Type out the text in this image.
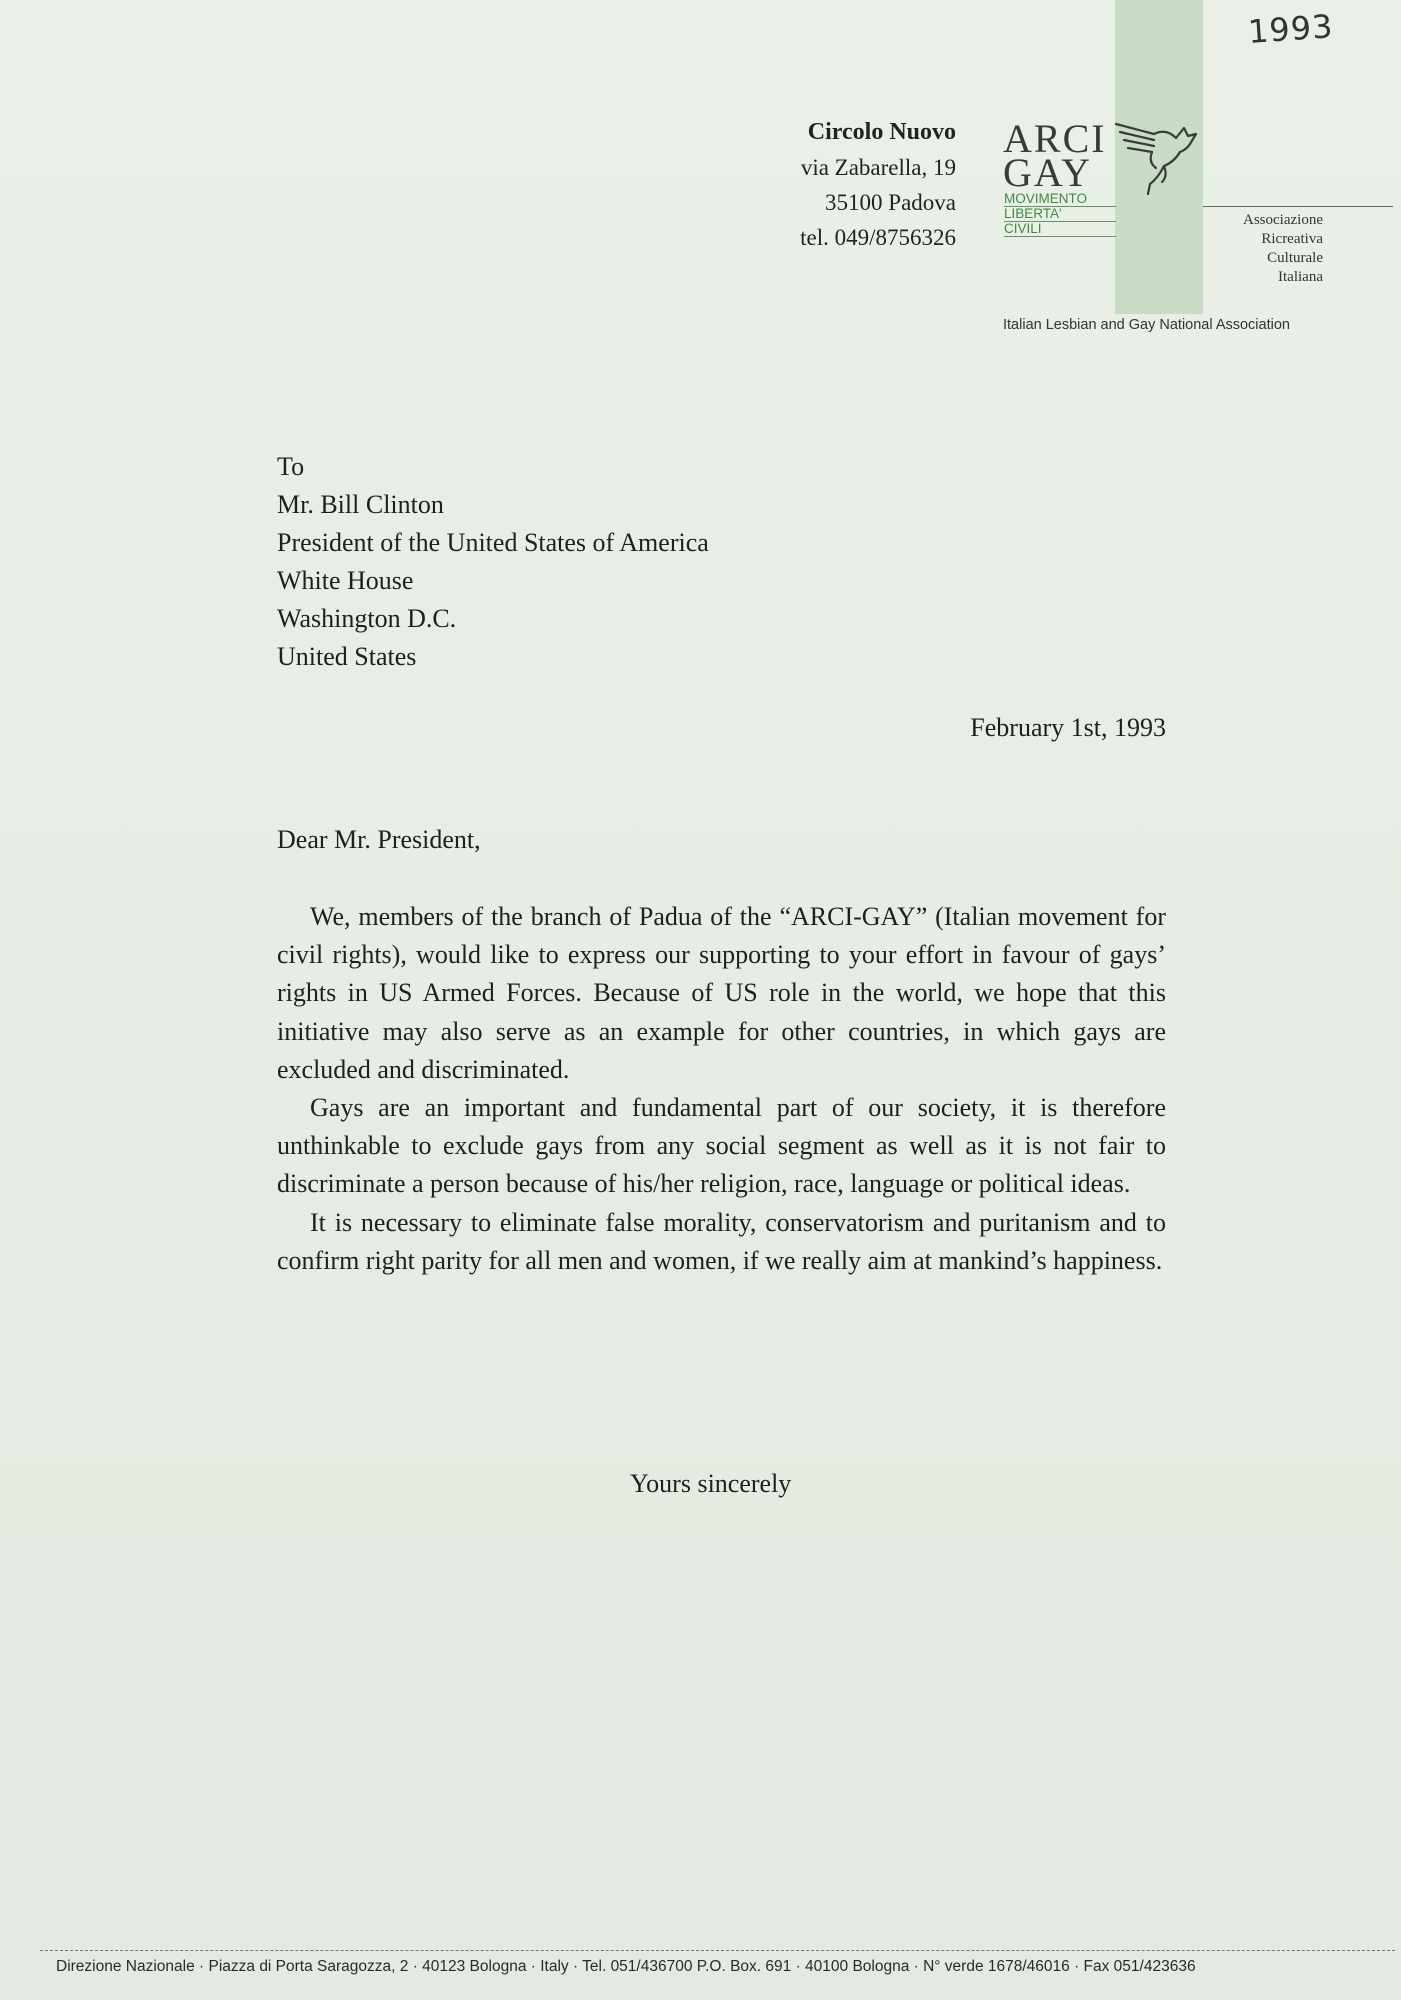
1993
Circolo Nuovo
via Zabarella, 19
35100 Padova
tel. 049/8756326
ARCI
GAY
MOVIMENTO
LIBERTA'
CIVILI
Associazione
Ricreativa
Culturale
Italiana
Italian Lesbian and Gay National Association
To
Mr. Bill Clinton
President of the United States of America
White House
Washington D.C.
United States
February 1st, 1993
Dear Mr. President,

We, members of the branch of Padua of the “ARCI-GAY” (Italian movement for civil rights), would like to express our supporting to your effort in favour of gays’ rights in US Armed Forces. Because of US role in the world, we hope that this initiative may also serve as an example for other countries, in which gays are excluded and discriminated.

Gays are an important and fundamental part of our society, it is therefore unthinkable to exclude gays from any social segment as well as it is not fair to discriminate a person because of his/her religion, race, language or political ideas.

It is necessary to eliminate false morality, conservatorism and puritanism and to confirm right parity for all men and women, if we really aim at mankind’s happiness.

Yours sincerely
Direzione Nazionale · Piazza di Porta Saragozza, 2 · 40123 Bologna · Italy · Tel. 051/436700 P.O. Box. 691 · 40100 Bologna · N° verde 1678/46016 · Fax 051/423636
